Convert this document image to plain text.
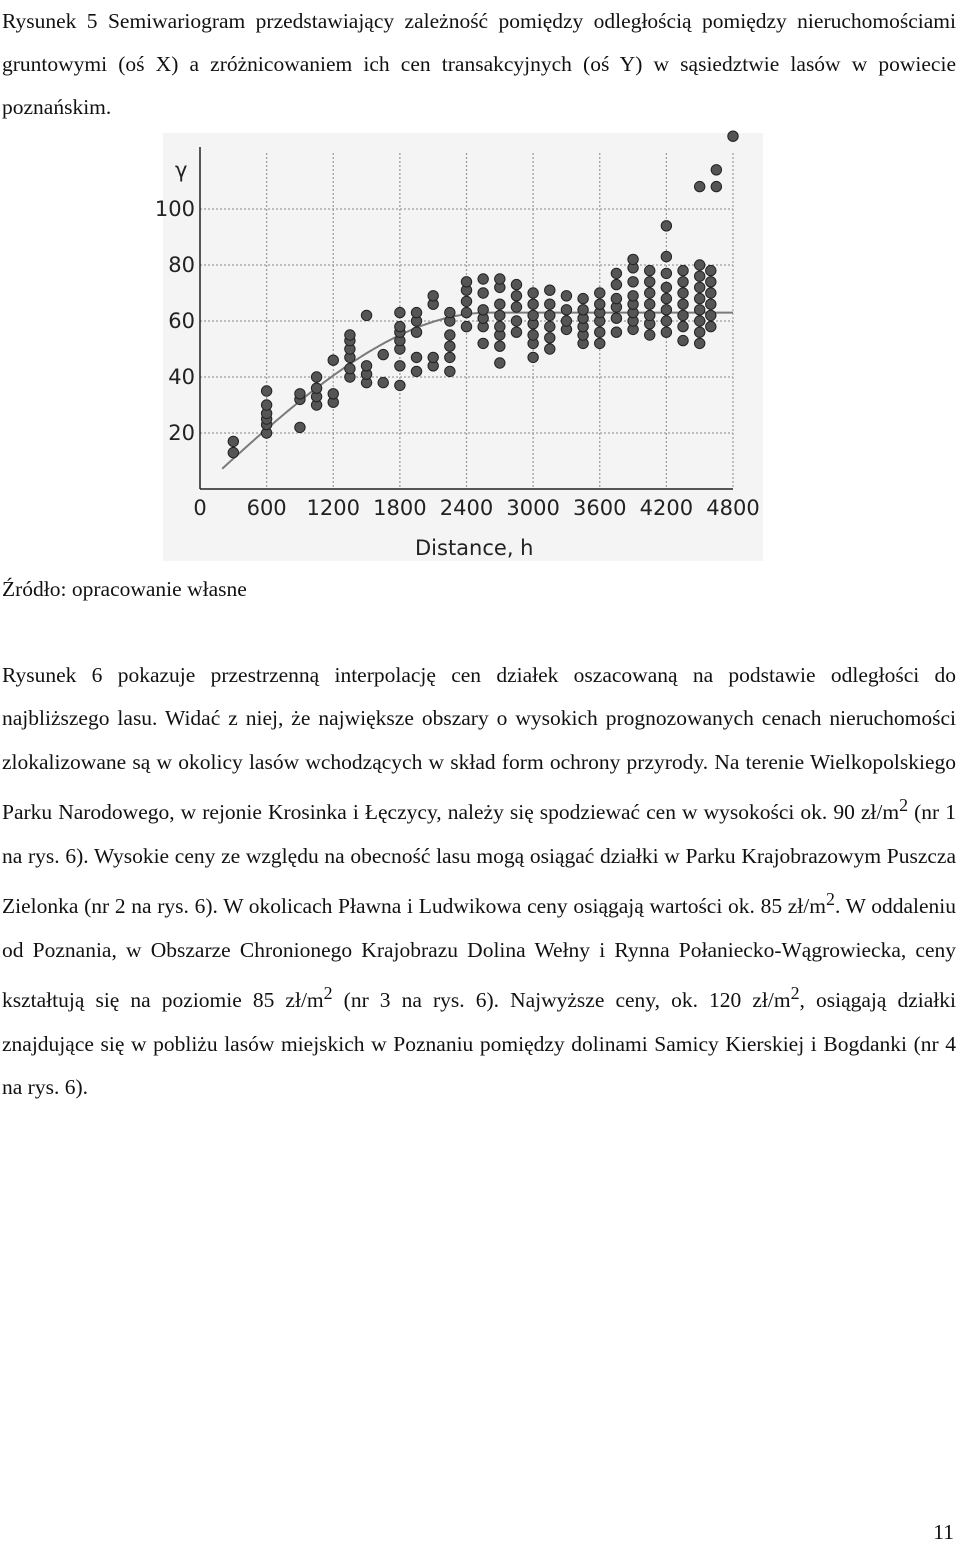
Rysunek 5 Semiwariogram przedstawiający zależność pomiędzy odległością pomiędzy nieruchomościami gruntowymi (oś X) a zróżnicowaniem ich cen transakcyjnych (oś Y) w sąsiedztwie lasów w powiecie poznańskim.
0 600 1200 1800 2400 3000 3600 4200 4800
20
40
60
80
100
γ
Distance, h
Źródło: opracowanie własne

Rysunek 6 pokazuje przestrzenną interpolację cen działek oszacowaną na podstawie odległości do najbliższego lasu. Widać z niej, że największe obszary o wysokich prognozowanych cenach nieruchomości zlokalizowane są w okolicy lasów wchodzących w skład form ochrony przyrody. Na terenie Wielkopolskiego Parku Narodowego, w rejonie Krosinka i Łęczycy, należy się spodziewać cen w wysokości ok. 90 $zł/m^2$ (nr 1 na rys. 6). Wysokie ceny ze względu na obecność lasu mogą osiągać działki w Parku Krajobrazowym Puszcza Zielonka (nr 2 na rys. 6). W okolicach Pławna i Ludwikowa ceny osiągają wartości ok. 85 $zł/m^2$. W oddaleniu od Poznania, w Obszarze Chronionego Krajobrazu Dolina Wełny i Rynna Połaniecko-Wągrowiecka, ceny kształtują się na poziomie 85 $zł/m^2$ (nr 3 na rys. 6). Najwyższe ceny, ok. 120 $zł/m^2$, osiągają działki znajdujące się w pobliżu lasów miejskich w Poznaniu pomiędzy dolinami Samicy Kierskiej i Bogdanki (nr 4 na rys. 6).

11
